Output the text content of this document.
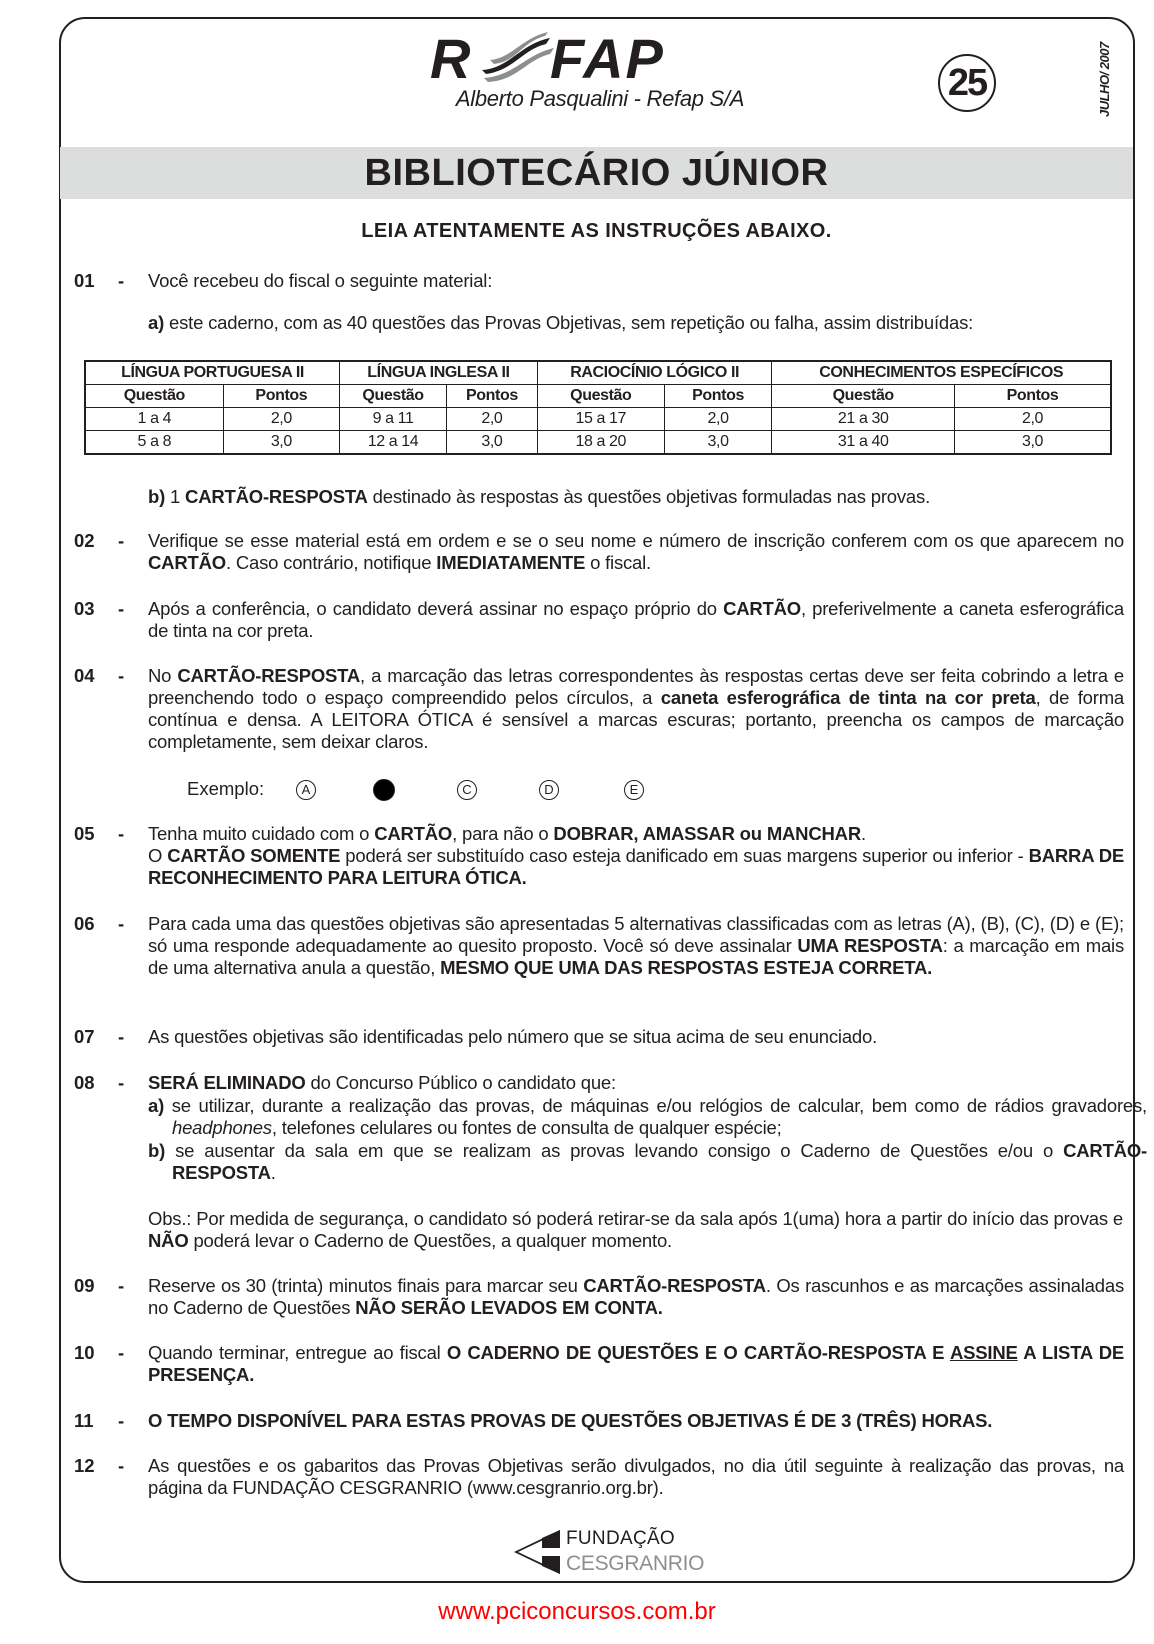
R FAP
Alberto Pasqualini - Refap S/A	25	JULHO/ 2007
BIBLIOTECÁRIO JÚNIOR
LEIA ATENTAMENTE AS INSTRUÇÕES ABAIXO.
01 - Você recebeu do fiscal o seguinte material:
a) este caderno, com as 40 questões das Provas Objetivas, sem repetição ou falha, assim distribuídas:
LÍNGUA PORTUGUESA II		LÍNGUA INGLESA II		RACIOCÍNIO LÓGICO II		CONHECIMENTOS ESPECÍFICOS	
Questão	Pontos	Questão	Pontos	Questão	Pontos	Questão	Pontos
1 a 4	2,0	9 a 11	2,0	15 a 17	2,0	21 a 30	2,0
5 a 8	3,0	12 a 14	3,0	18 a 20	3,0	31 a 40	3,0
b) 1 CARTÃO-RESPOSTA destinado às respostas às questões objetivas formuladas nas provas.
02 - Verifique se esse material está em ordem e se o seu nome e número de inscrição conferem com os que aparecem no CARTÃO. Caso contrário, notifique IMEDIATAMENTE o fiscal.
03 - Após a conferência, o candidato deverá assinar no espaço próprio do CARTÃO, preferivelmente a caneta esferográfica de tinta na cor preta.
04 - No CARTÃO-RESPOSTA, a marcação das letras correspondentes às respostas certas deve ser feita cobrindo a letra e preenchendo todo o espaço compreendido pelos círculos, a caneta esferográfica de tinta na cor preta, de forma contínua e densa. A LEITORA ÓTICA é sensível a marcas escuras; portanto, preencha os campos de marcação completamente, sem deixar claros.
Exemplo:	A	C	D	E
05 - Tenha muito cuidado com o CARTÃO, para não o DOBRAR, AMASSAR ou MANCHAR.
O CARTÃO SOMENTE poderá ser substituído caso esteja danificado em suas margens superior ou inferior - BARRA DE RECONHECIMENTO PARA LEITURA ÓTICA.
06 - Para cada uma das questões objetivas são apresentadas 5 alternativas classificadas com as letras (A), (B), (C), (D) e (E); só uma responde adequadamente ao quesito proposto. Você só deve assinalar UMA RESPOSTA: a marcação em mais de uma alternativa anula a questão, MESMO QUE UMA DAS RESPOSTAS ESTEJA CORRETA.
07 - As questões objetivas são identificadas pelo número que se situa acima de seu enunciado.
08 - SERÁ ELIMINADO do Concurso Público o candidato que:
a) se utilizar, durante a realização das provas, de máquinas e/ou relógios de calcular, bem como de rádios gravadores, headphones, telefones celulares ou fontes de consulta de qualquer espécie;
b) se ausentar da sala em que se realizam as provas levando consigo o Caderno de Questões e/ou o CARTÃO-RESPOSTA.
Obs.: Por medida de segurança, o candidato só poderá retirar-se da sala após 1(uma) hora a partir do início das provas e NÃO poderá levar o Caderno de Questões, a qualquer momento.
09 - Reserve os 30 (trinta) minutos finais para marcar seu CARTÃO-RESPOSTA. Os rascunhos e as marcações assinaladas no Caderno de Questões NÃO SERÃO LEVADOS EM CONTA.
10 - Quando terminar, entregue ao fiscal O CADERNO DE QUESTÕES E O CARTÃO-RESPOSTA E ASSINE A LISTA DE PRESENÇA.
11 - O TEMPO DISPONÍVEL PARA ESTAS PROVAS DE QUESTÕES OBJETIVAS É DE 3 (TRÊS) HORAS.
12 - As questões e os gabaritos das Provas Objetivas serão divulgados, no dia útil seguinte à realização das provas, na página da FUNDAÇÃO CESGRANRIO (www.cesgranrio.org.br).
FUNDAÇÃO
CESGRANRIO
www.pciconcursos.com.br
